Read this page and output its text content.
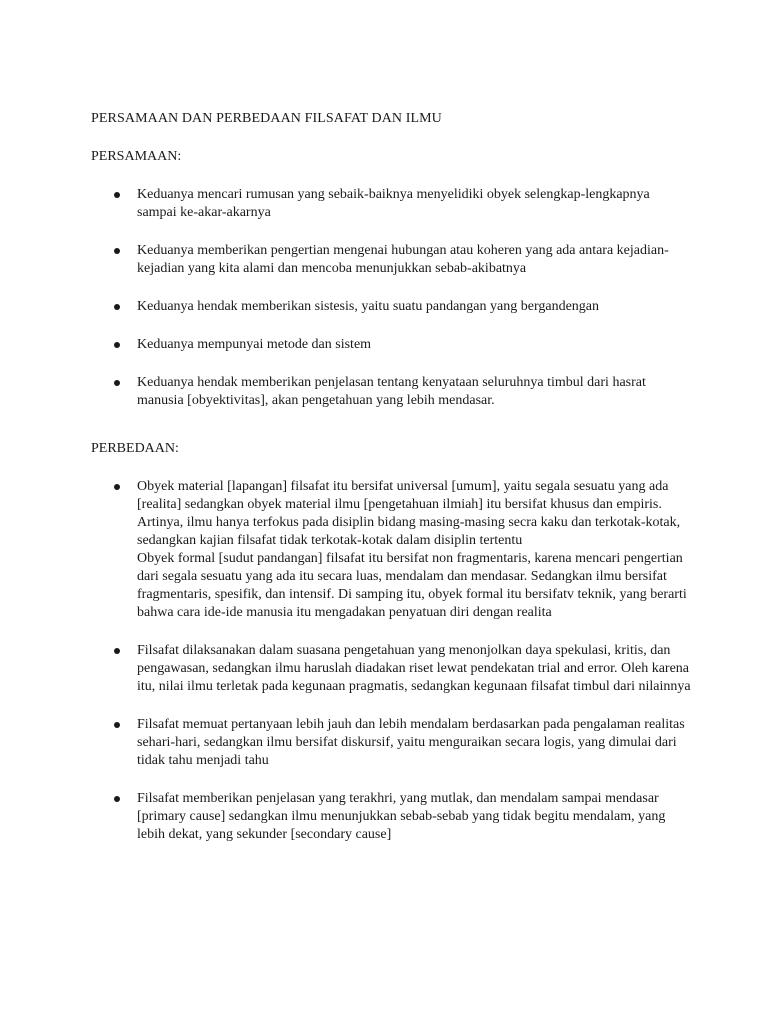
PERSAMAAN DAN PERBEDAAN FILSAFAT DAN ILMU
PERSAMAAN:
Keduanya mencari rumusan yang sebaik-baiknya menyelidiki obyek selengkap-lengkapnya sampai ke-akar-akarnya
Keduanya memberikan pengertian mengenai hubungan atau koheren yang ada antara kejadian-kejadian yang kita alami dan mencoba menunjukkan sebab-akibatnya
Keduanya hendak memberikan sistesis, yaitu suatu pandangan yang bergandengan
Keduanya mempunyai metode dan sistem
Keduanya hendak memberikan penjelasan tentang kenyataan seluruhnya timbul dari hasrat manusia [obyektivitas], akan pengetahuan yang lebih mendasar.
PERBEDAAN:
Obyek material [lapangan] filsafat itu bersifat universal [umum], yaitu segala sesuatu yang ada [realita] sedangkan obyek material ilmu [pengetahuan ilmiah] itu bersifat khusus dan empiris. Artinya, ilmu hanya terfokus pada disiplin bidang masing-masing secra kaku dan terkotak-kotak, sedangkan kajian filsafat tidak terkotak-kotak dalam disiplin tertentu
Obyek formal [sudut pandangan] filsafat itu bersifat non fragmentaris, karena mencari pengertian dari segala sesuatu yang ada itu secara luas, mendalam dan mendasar. Sedangkan ilmu bersifat fragmentaris, spesifik, dan intensif. Di samping itu, obyek formal itu bersifatv teknik, yang berarti bahwa cara ide-ide manusia itu mengadakan penyatuan diri dengan realita
Filsafat dilaksanakan dalam suasana pengetahuan yang menonjolkan daya spekulasi, kritis, dan pengawasan, sedangkan ilmu haruslah diadakan riset lewat pendekatan trial and error. Oleh karena itu, nilai ilmu terletak pada kegunaan pragmatis, sedangkan kegunaan filsafat timbul dari nilainnya
Filsafat memuat pertanyaan lebih jauh dan lebih mendalam berdasarkan pada pengalaman realitas sehari-hari, sedangkan ilmu bersifat diskursif, yaitu menguraikan secara logis, yang dimulai dari tidak tahu menjadi tahu
Filsafat memberikan penjelasan yang terakhri, yang mutlak, dan mendalam sampai mendasar [primary cause] sedangkan ilmu menunjukkan sebab-sebab yang tidak begitu mendalam, yang lebih dekat, yang sekunder [secondary cause]
